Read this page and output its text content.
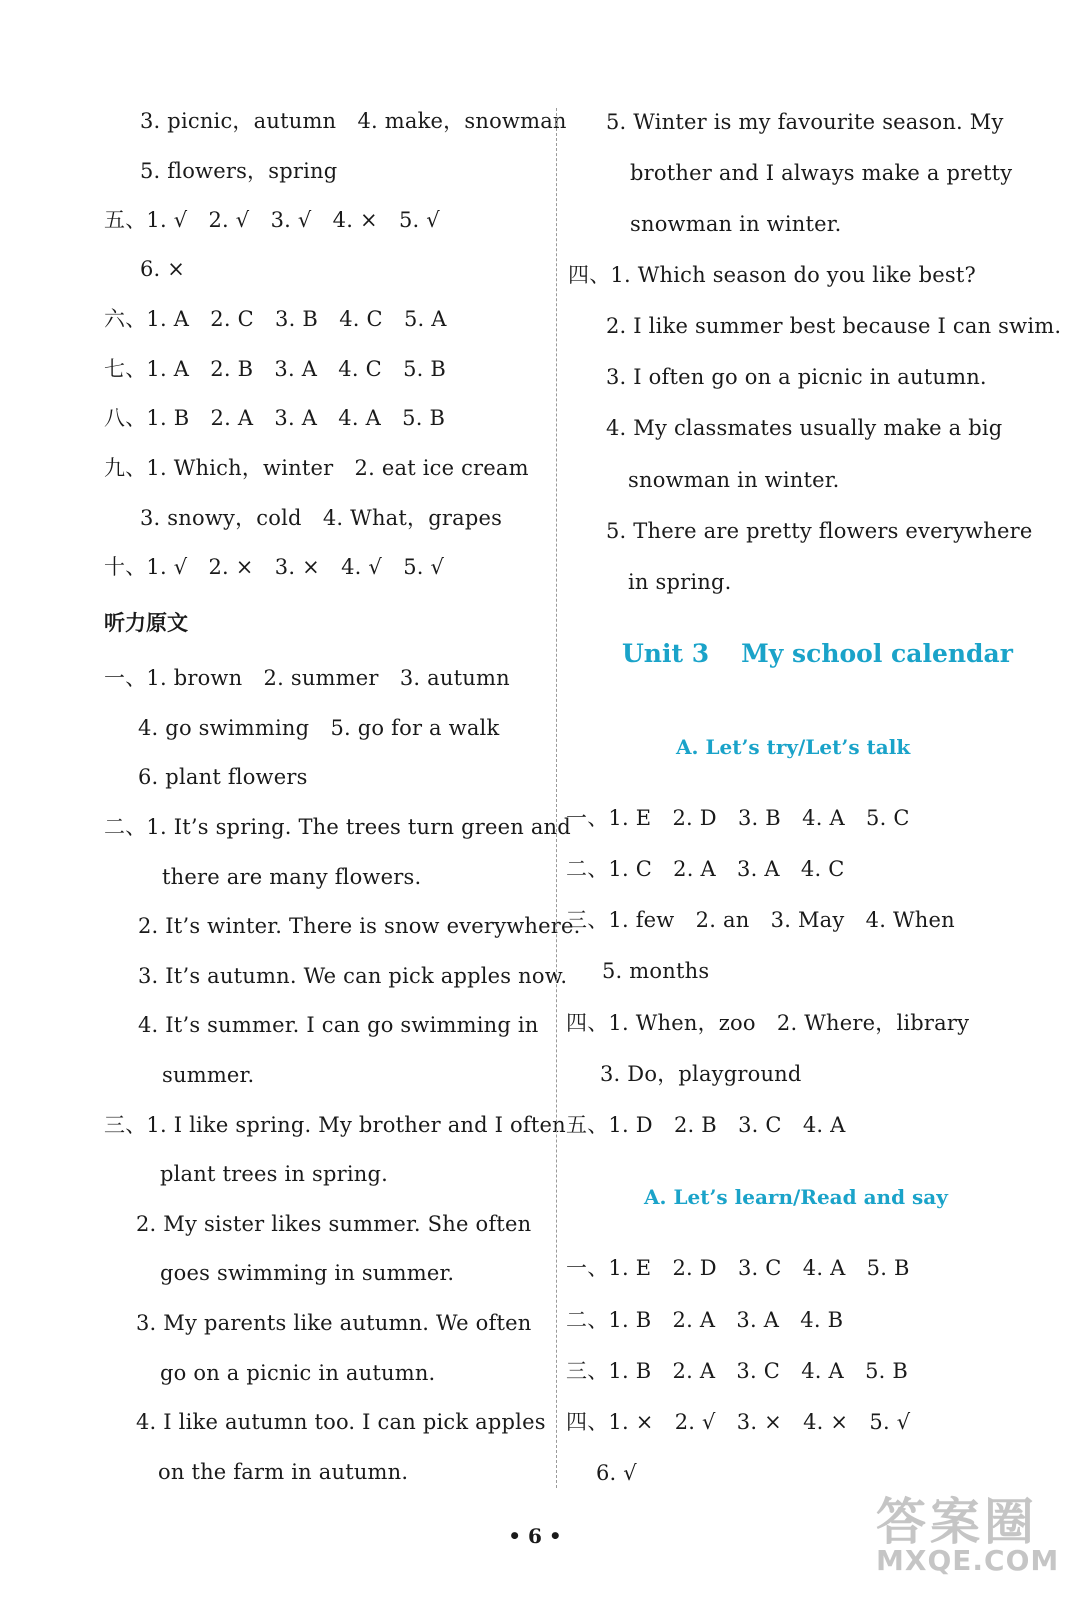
3. picnic，autumn　4. make，snowman
5. flowers，spring
五、1. √　2. √　3. √　4. ×　5. √
6. ×
六、1. A　2. C　3. B　4. C　5. A
七、1. A　2. B　3. A　4. C　5. B
八、1. B　2. A　3. A　4. A　5. B
九、1. Which，winter　2. eat ice cream
3. snowy，cold　4. What，grapes
十、1. √　2. ×　3. ×　4. √　5. √
听力原文
一、1. brown　2. summer　3. autumn
4. go swimming　5. go for a walk
6. plant flowers
二、1. It’s spring. The trees turn green and
there are many flowers.
2. It’s winter. There is snow everywhere.
3. It’s autumn. We can pick apples now.
4. It’s summer. I can go swimming in
summer.
三、1. I like spring. My brother and I often
plant trees in spring.
2. My sister likes summer. She often
goes swimming in summer.
3. My parents like autumn. We often
go on a picnic in autumn.
4. I like autumn too. I can pick apples
on the farm in autumn.
5. Winter is my favourite season. My
brother and I always make a pretty
snowman in winter.
四、1. Which season do you like best?
2. I like summer best because I can swim.
3. I often go on a picnic in autumn.
4. My classmates usually make a big
snowman in winter.
5. There are pretty flowers everywhere
in spring.
Unit 3 My school calendar
A. Let’s try/Let’s talk
一、1. E　2. D　3. B　4. A　5. C
二、1. C　2. A　3. A　4. C
三、1. few　2. an　3. May　4. When
5. months
四、1. When，zoo　2. Where，library
3. Do，playground
五、1. D　2. B　3. C　4. A
A. Let’s learn/Read and say
一、1. E　2. D　3. C　4. A　5. B
二、1. B　2. A　3. A　4. B
三、1. B　2. A　3. C　4. A　5. B
四、1. ×　2. √　3. ×　4. ×　5. √
6. √
• 6 •	答案圈
MXQE.COM
